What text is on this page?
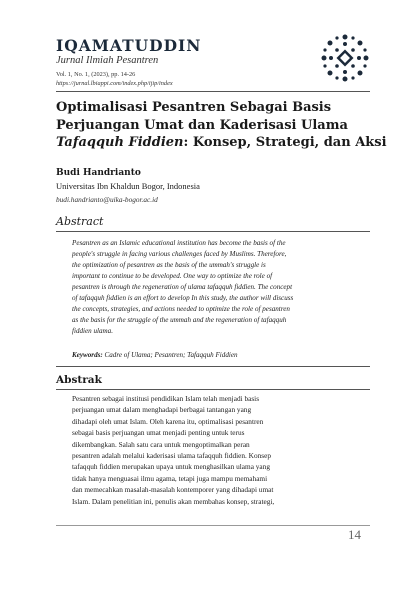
IQAMATUDDIN
Jurnal Ilmiah Pesantren
Vol. 1, No. 1, (2023), pp. 14-26
https://jurnal.lbiappi.com/index.php/ijip/index
Optimalisasi Pesantren Sebagai Basis
Perjuangan Umat dan Kaderisasi Ulama
Tafaqquh Fiddien: Konsep, Strategi, dan Aksi
Budi Handrianto
Universitas Ibn Khaldun Bogor, Indonesia
budi.handrianto@uika-bogor.ac.id
Abstract
Pesantren as an Islamic educational institution has become the basis of the
people's struggle in facing various challenges faced by Muslims. Therefore,
the optimization of pesantren as the basis of the ummah's struggle is
important to continue to be developed. One way to optimize the role of
pesantren is through the regeneration of ulama tafaqquh fiddien. The concept
of tafaqquh fiddien is an effort to develop In this study, the author will discuss
the concepts, strategies, and actions needed to optimize the role of pesantren
as the basis for the struggle of the ummah and the regeneration of tafaqquh
fiddien ulama.
Keywords: Cadre of Ulama; Pesantren; Tafaqquh Fiddien
Abstrak
Pesantren sebagai institusi pendidikan Islam telah menjadi basis
perjuangan umat dalam menghadapi berbagai tantangan yang
dihadapi oleh umat Islam. Oleh karena itu, optimalisasi pesantren
sebagai basis perjuangan umat menjadi penting untuk terus
dikembangkan. Salah satu cara untuk mengoptimalkan peran
pesantren adalah melalui kaderisasi ulama tafaqquh fiddien. Konsep
tafaqquh fiddien merupakan upaya untuk menghasilkan ulama yang
tidak hanya menguasai ilmu agama, tetapi juga mampu memahami
dan memecahkan masalah-masalah kontemporer yang dihadapi umat
Islam. Dalam penelitian ini, penulis akan membahas konsep, strategi,
14
